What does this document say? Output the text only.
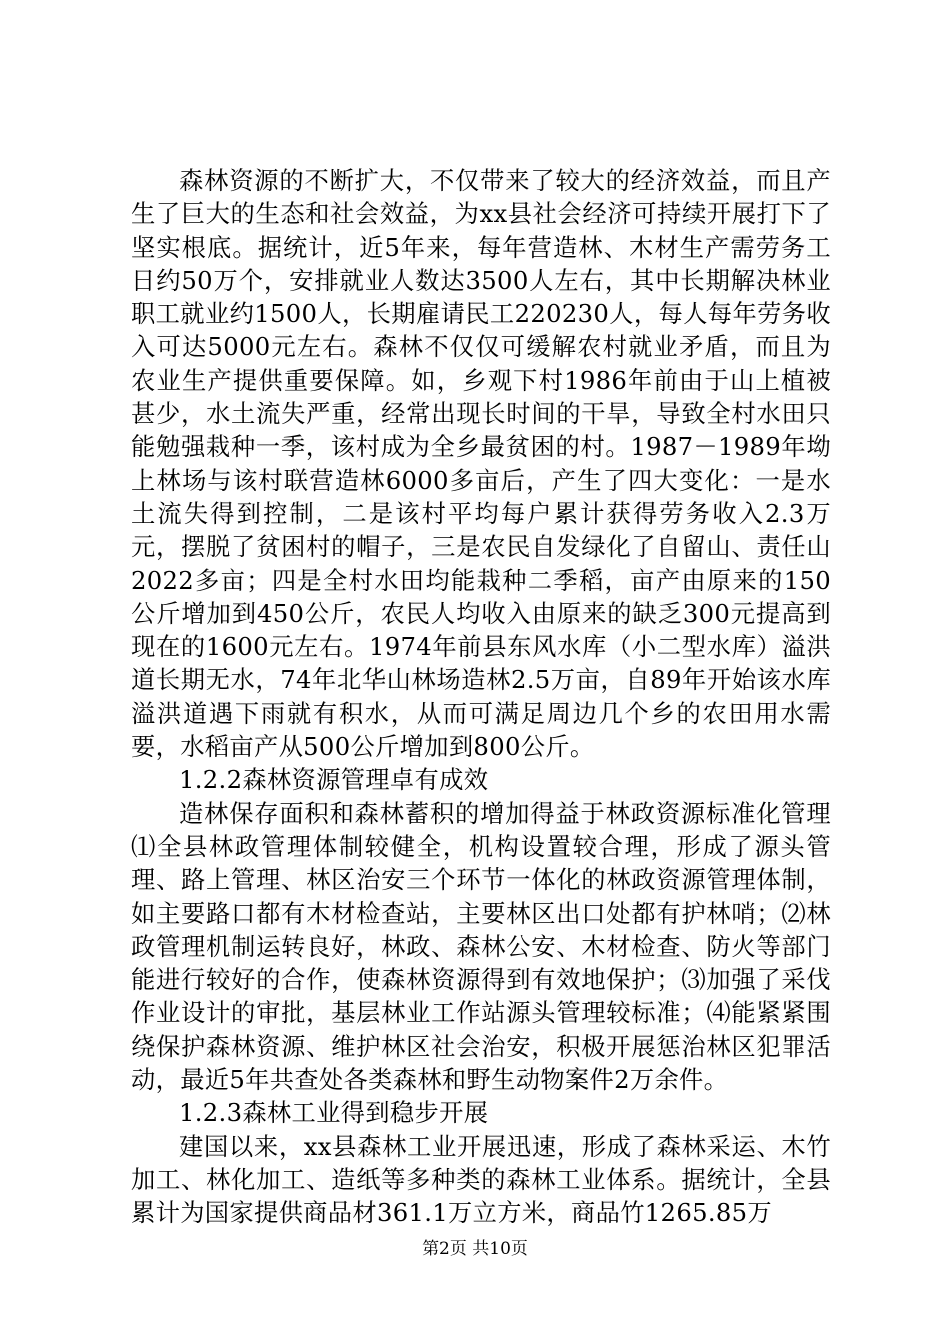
森林资源的不断扩大，不仅带来了较大的经济效益，而且产生了巨大的生态和社会效益，为xx县社会经济可持续开展打下了坚实根底。据统计，近5年来，每年营造林、木材生产需劳务工日约50万个，安排就业人数达3500人左右，其中长期解决林业职工就业约1500人，长期雇请民工220230人，每人每年劳务收入可达5000元左右。森林不仅仅可缓解农村就业矛盾，而且为农业生产提供重要保障。如，乡观下村1986年前由于山上植被甚少，水土流失严重，经常出现长时间的干旱，导致全村水田只能勉强栽种一季，该村成为全乡最贫困的村。1987－1989年坳上林场与该村联营造林6000多亩后，产生了四大变化：一是水土流失得到控制，二是该村平均每户累计获得劳务收入2.3万元，摆脱了贫困村的帽子，三是农民自发绿化了自留山、责任山2022多亩；四是全村水田均能栽种二季稻，亩产由原来的150公斤增加到450公斤，农民人均收入由原来的缺乏300元提高到现在的1600元左右。1974年前县东风水库（小二型水库）溢洪道长期无水，74年北华山林场造林2.5万亩，自89年开始该水库溢洪道遇下雨就有积水，从而可满足周边几个乡的农田用水需要，水稻亩产从500公斤增加到800公斤。

1.2.2森林资源管理卓有成效

造林保存面积和森林蓄积的增加得益于林政资源标准化管理⑴全县林政管理体制较健全，机构设置较合理，形成了源头管理、路上管理、林区治安三个环节一体化的林政资源管理体制，如主要路口都有木材检查站，主要林区出口处都有护林哨；⑵林政管理机制运转良好，林政、森林公安、木材检查、防火等部门能进行较好的合作，使森林资源得到有效地保护；⑶加强了采伐作业设计的审批，基层林业工作站源头管理较标准；⑷能紧紧围绕保护森林资源、维护林区社会治安，积极开展惩治林区犯罪活动，最近5年共查处各类森林和野生动物案件2万余件。

1.2.3森林工业得到稳步开展

建国以来，xx县森林工业开展迅速，形成了森林采运、木竹加工、林化加工、造纸等多种类的森林工业体系。据统计，全县累计为国家提供商品材361.1万立方米，商品竹1265.85万

第2页 共10页
